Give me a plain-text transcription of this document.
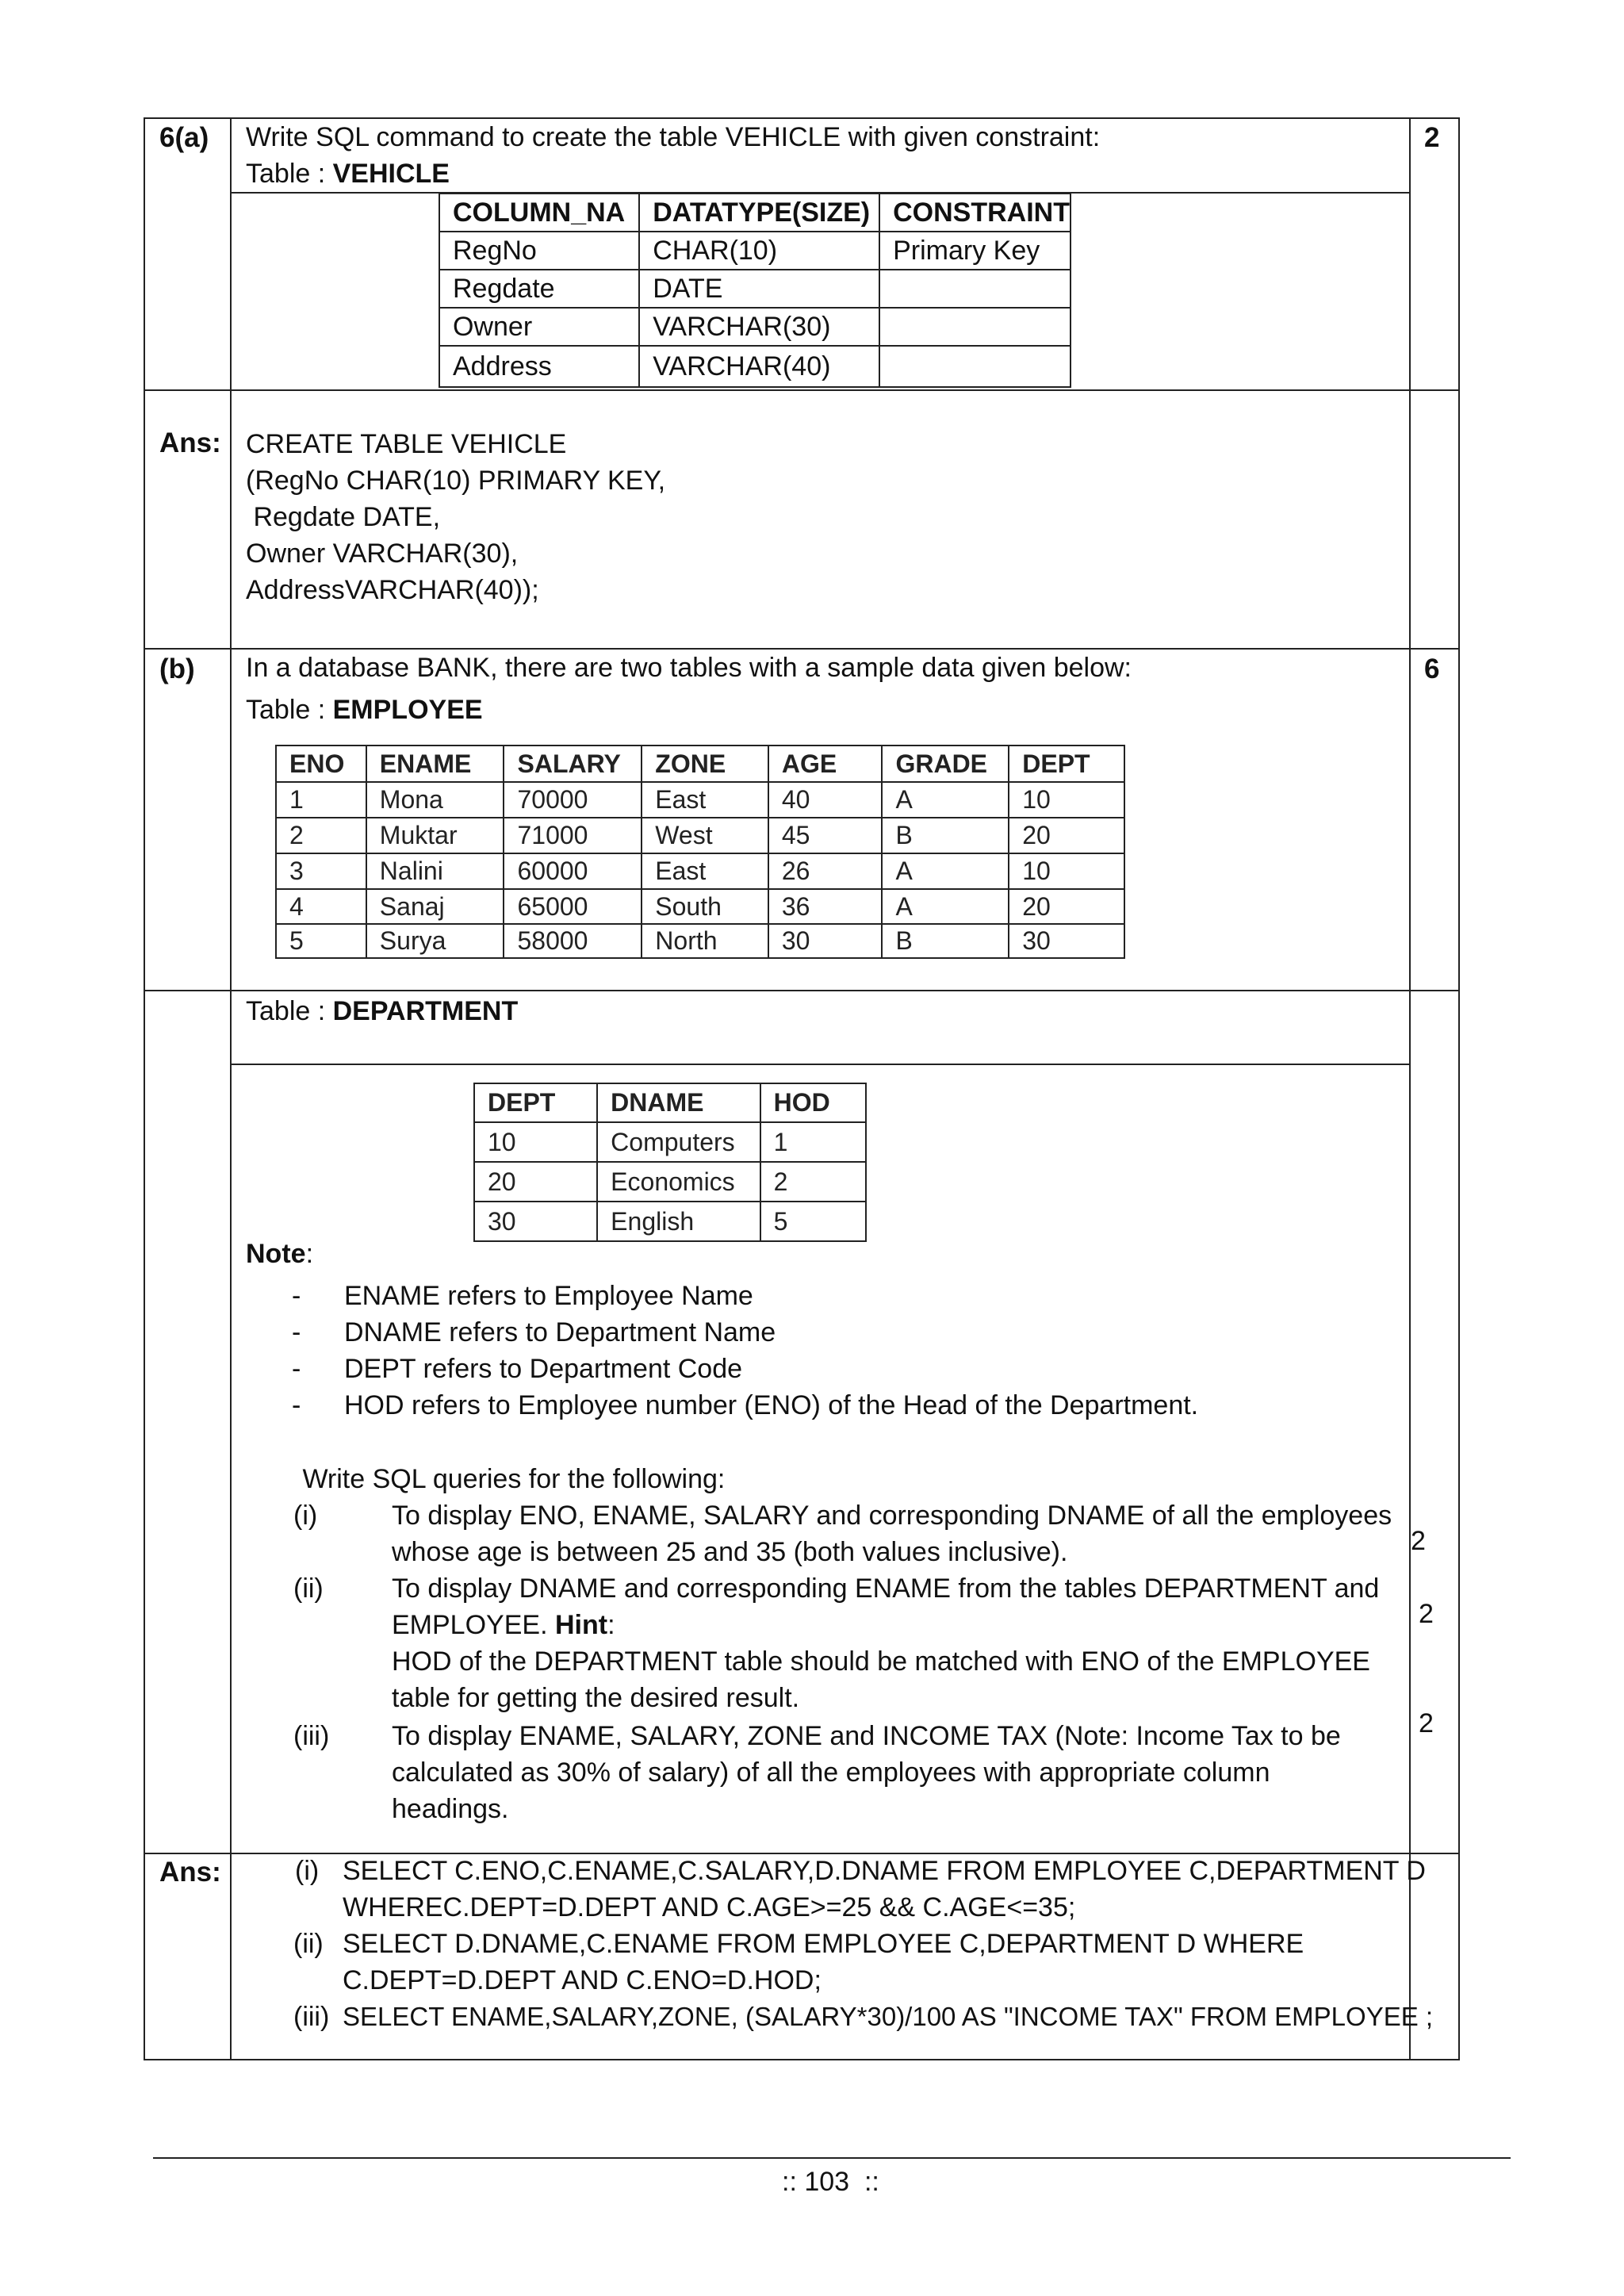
6(a) Write SQL command to create the table VEHICLE with given constraint:
Table : VEHICLE
2
COLUMN_NA	DATATYPE(SIZE)	CONSTRAINT
RegNo	CHAR(10)	Primary Key
Regdate	DATE	
Owner	VARCHAR(30)	
Address	VARCHAR(40)	
Ans: CREATE TABLE VEHICLE
(RegNo CHAR(10) PRIMARY KEY,
Regdate DATE,
Owner VARCHAR(30),
AddressVARCHAR(40));
(b) In a database BANK, there are two tables with a sample data given below:	6
Table : EMPLOYEE
ENO	ENAME	SALARY	ZONE	AGE	GRADE	DEPT
1	Mona	70000	East	40	A	10
2	Muktar	71000	West	45	B	20
3	Nalini	60000	East	26	A	10
4	Sanaj	65000	South	36	A	20
5	Surya	58000	North	30	B	30
Table : DEPARTMENT
DEPT	DNAME	HOD
10	Computers	1
20	Economics	2
30	English	5
Note:
- ENAME refers to Employee Name
- DNAME refers to Department Name
- DEPT refers to Department Code
- HOD refers to Employee number (ENO) of the Head of the Department.
Write SQL queries for the following:
(i)	To display ENO, ENAME, SALARY and corresponding DNAME of all the employees whose age is between 25 and 35 (both values inclusive).	2
(ii)	To display DNAME and corresponding ENAME from the tables DEPARTMENT and EMPLOYEE. Hint:
HOD of the DEPARTMENT table should be matched with ENO of the EMPLOYEE table for getting the desired result.
2
(iii) To display ENAME, SALARY, ZONE and INCOME TAX (Note: Income Tax to be calculated as 30% of salary) of all the employees with appropriate column headings.
2
Ans:	(i) SELECT C.ENO,C.ENAME,C.SALARY,D.DNAME FROM EMPLOYEE C,DEPARTMENT D
WHEREC.DEPT=D.DEPT AND C.AGE>=25 && C.AGE<=35;
(ii) SELECT D.DNAME,C.ENAME FROM EMPLOYEE C,DEPARTMENT D WHERE
C.DEPT=D.DEPT AND C.ENO=D.HOD;
(iii) SELECT ENAME,SALARY,ZONE, (SALARY*30)/100 AS "INCOME TAX" FROM EMPLOYEE ;
:: 103  ::
